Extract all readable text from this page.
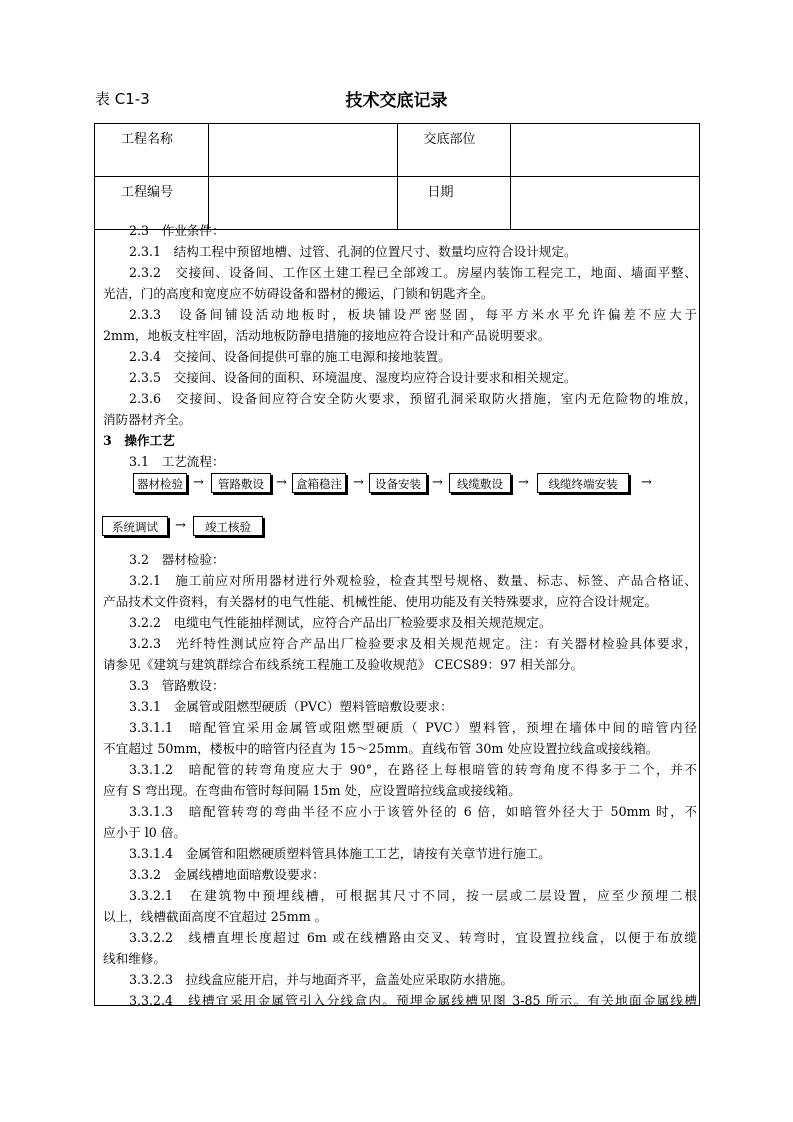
表 C1-3	技术交底记录
工程名称		交底部位	
工程编号		日期	
2.3　作业条件：
2.3.1　结构工程中预留地槽、过管、孔洞的位置尺寸、数量均应符合设计规定。
2.3.2　交接间、设备间、工作区土建工程已全部竣工。房屋内装饰工程完工，地面、墙面平整、
光洁，门的高度和宽度应不妨碍设备和器材的搬运，门锁和钥匙齐全。
2.3.3　设备间铺设活动地板时，板块铺设严密竖固，每平方米水平允许偏差不应大于
2mm，地板支柱牢固，活动地板防静电措施的接地应符合设计和产品说明要求。
2.3.4　交接间、设备间提供可靠的施工电源和接地装置。
2.3.5　交接间、设备间的面积、环境温度、湿度均应符合设计要求和相关规定。
2.3.6　交接间、设备间应符合安全防火要求，预留孔洞采取防火措施，室内无危险物的堆放，
消防器材齐全。
3　操作工艺
3.1　工艺流程：
器材检验 →	管路敷设 → 盒箱稳注 → 设备安装 →	线缆敷设	→	线缆终端安装	→
系统调试	→	竣工核验
3.2　器材检验：
3.2.1　施工前应对所用器材进行外观检验，检查其型号规格、数量、标志、标签、产品合格证、
产品技术文件资料，有关器材的电气性能、机械性能、使用功能及有关特殊要求，应符合设计规定。
3.2.2　电缆电气性能抽样测试，应符合产品出厂检验要求及相关规范规定。
3.2.3　光纤特性测试应符合产品出厂检验要求及相关规范规定。注：有关器材检验具体要求，
请参见《建筑与建筑群综合布线系统工程施工及验收规范》 CECS89：97 相关部分。
3.3　管路敷设：
3.3.1　金属管或阻燃型硬质（PVC）塑料管暗敷设要求：
3.3.1.1　暗配管宜采用金属管或阻燃型硬质（ PVC）塑料管，预埋在墙体中间的暗管内径
不宜超过 50mm，楼板中的暗管内径直为 15～25mm。直线布管 30m 处应设置拉线盒或接线箱。
3.3.1.2　暗配管的转弯角度应大于 90°，在路径上每根暗管的转弯角度不得多于二个，并不
应有 S 弯出现。在弯曲布管时每间隔 15m 处，应设置暗拉线盒或接线箱。
3.3.1.3　暗配管转弯的弯曲半径不应小于该管外径的 6 倍，如暗管外径大于 50mm 时，不
应小于 l0 倍。
3.3.1.4　金属管和阻燃硬质塑料管具体施工工艺，请按有关章节进行施工。
3.3.2　金属线槽地面暗敷设要求：
3.3.2.1　在建筑物中预埋线槽，可根据其尺寸不同，按一层或二层设置，应至少预埋二根
以上，线槽截面高度不宜超过 25mm 。
3.3.2.2　线槽直埋长度超过 6m 或在线槽路由交叉、转弯时，宜设置拉线盒，以便于布放缆
线和维修。
3.3.2.3　拉线盒应能开启，并与地面齐平，盒盖处应采取防水措施。
3.3.2.4　线槽宜采用金属管引入分线盒内。预埋金属线槽见图 3-85 所示。有关地面金属线槽
